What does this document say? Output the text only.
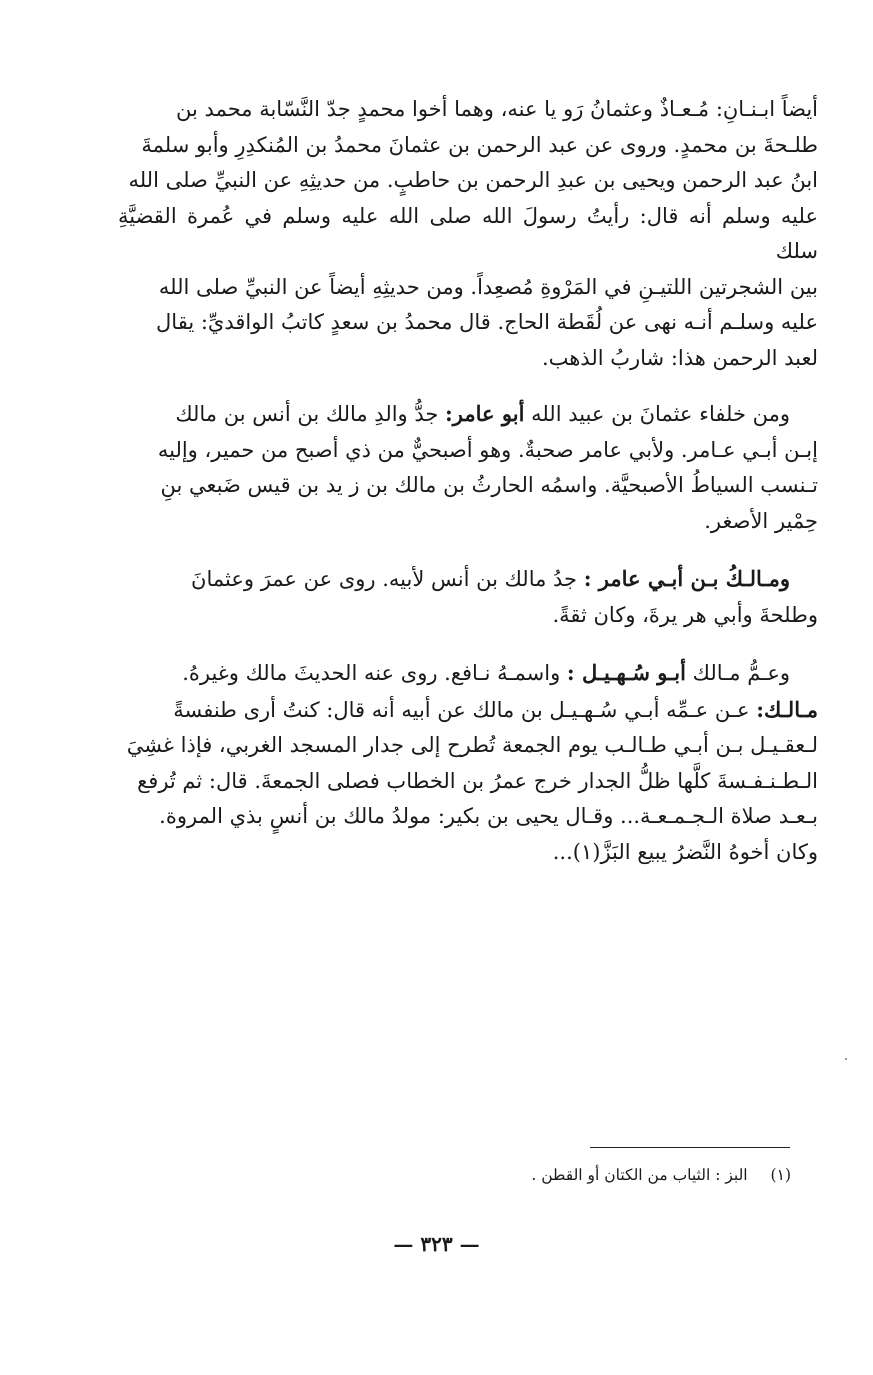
أيضاً ابـنـانِ: مُـعـاذٌ وعثمانُ رَو يا عنه، وهما أخوا محمدٍ جدّ النَّسّابة محمد بن
طلـحةَ بن محمدٍ. وروى عن عبد الرحمن بن عثمانَ محمدُ بن المُنكدِرِ وأبو سلمةَ
ابنُ عبد الرحمن ويحيى بن عبدِ الرحمن بن حاطبٍ. من حديثِهِ عن النبيِّ صلى الله
عليه وسلم أنه قال: رأيتُ رسولَ الله صلى الله عليه وسلم في عُمرة القضيَّةِ سلك
بين الشجرتين اللتيـنِ في المَرْوةِ مُصعِداً. ومن حديثِهِ أيضاً عن النبيِّ صلى الله
عليه وسلـم أنـه نهى عن لُقَطة الحاج. قال محمدُ بن سعدٍ كاتبُ الواقديِّ: يقال
لعبد الرحمن هذا: شاربُ الذهب.

ومن خلفاء عثمانَ بن عبيد الله أبو عامر: جدُّ والدِ مالك بن أنس بن مالك
إبـن أبـي عـامر. ولأبي عامر صحبةٌ. وهو أصبحيٌّ من ذي أصبح من حمير، وإليه
تـنسب السياطُ الأصبحيَّة. واسمُه الحارثُ بن مالك بن ز يد بن قيس ضَبعي بنِ
حِمْير الأصغر.

ومـالـكُ بـن أبـي عامر : جدُ مالك بن أنس لأبيه. روى عن عمرَ وعثمانَ
وطلحةَ وأبي هر يرةَ، وكان ثقةً.

وعـمُّ مـالك أبـو سُـهـيـل : واسمـهُ نـافع. روى عنه الحديثَ مالك وغيرهُ.
مـالـك: عـن عـمِّه أبـي سُـهـيـل بن مالك عن أبيه أنه قال: كنتُ أرى طنفسةً
لـعقـيـل بـن أبـي طـالـب يوم الجمعة تُطرح إلى جدار المسجد الغربي، فإذا غشِيَ
الـطـنـفـسةَ كلَّها ظلُّ الجدار خرج عمرُ بن الخطاب فصلى الجمعةَ. قال: ثم تُرفع
بـعـد صلاة الـجـمـعـة... وقـال يحيى بن بكير: مولدُ مالك بن أنسٍ بذي المروة.
وكان أخوهُ النَّضرُ يبيع البَزَّ(١)...

(١) البز : الثياب من الكتان أو القطن .
— ٣٢٣ —
